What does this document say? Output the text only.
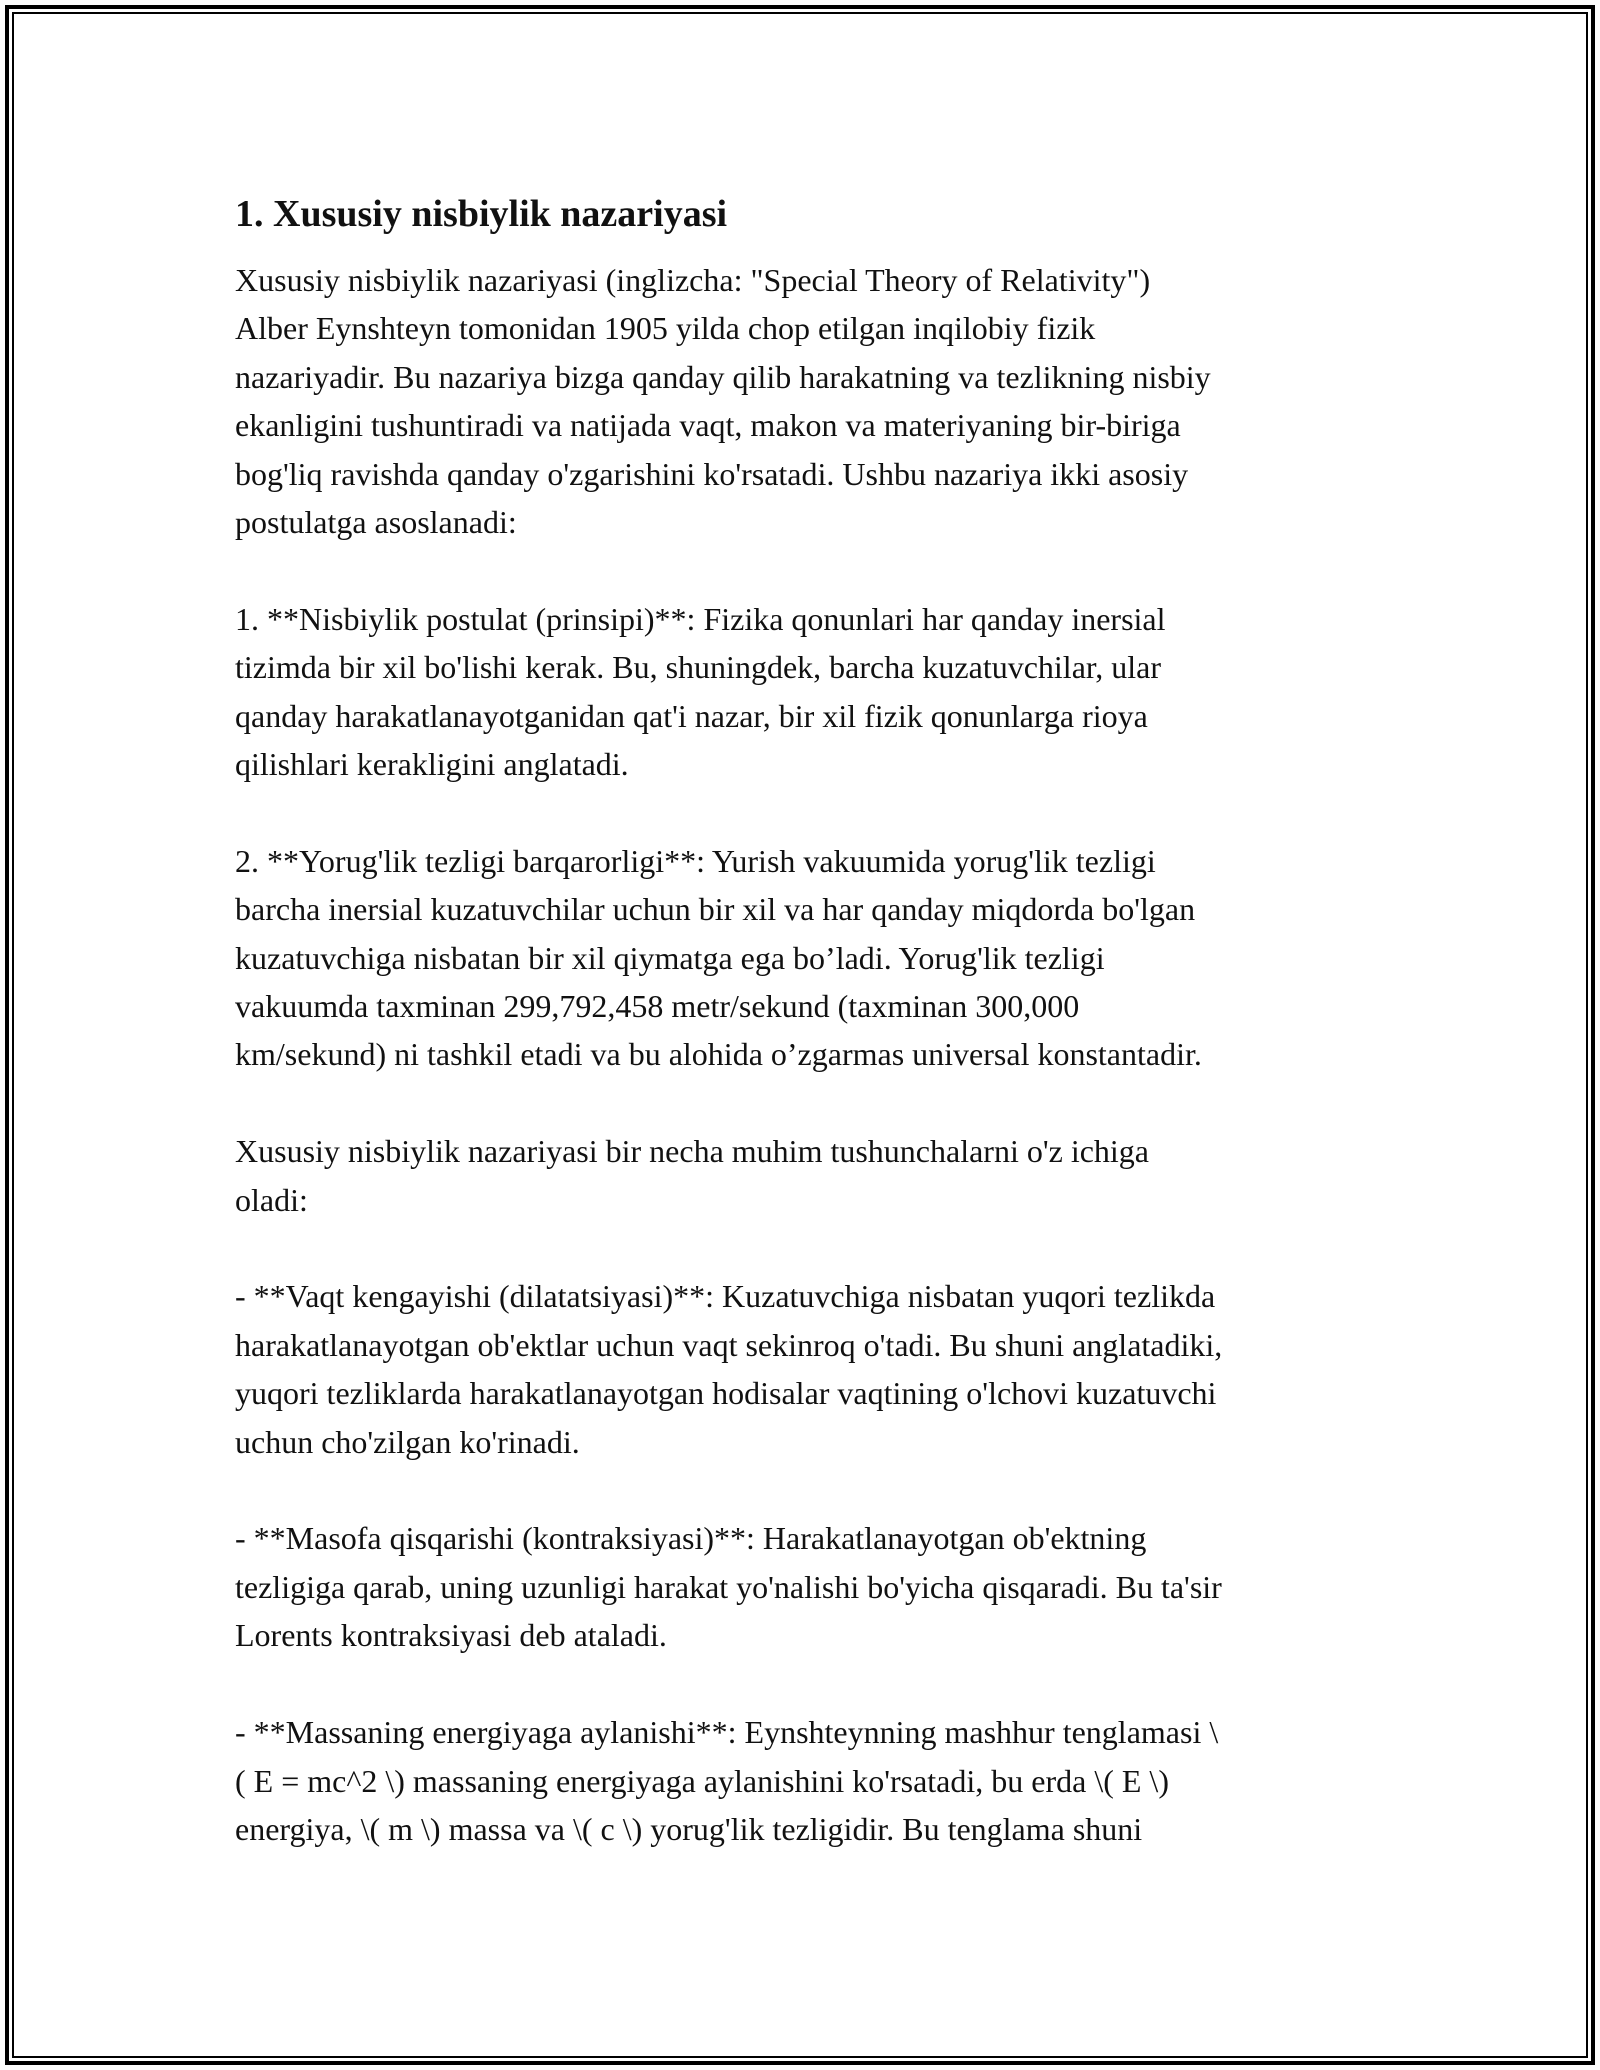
1. Xususiy nisbiylik nazariyasi
Xususiy nisbiylik nazariyasi (inglizcha: "Special Theory of Relativity")
Alber Eynshteyn tomonidan 1905 yilda chop etilgan inqilobiy fizik
nazariyadir. Bu nazariya bizga qanday qilib harakatning va tezlikning nisbiy
ekanligini tushuntiradi va natijada vaqt, makon va materiyaning bir-biriga
bog'liq ravishda qanday o'zgarishini ko'rsatadi. Ushbu nazariya ikki asosiy
postulatga asoslanadi:
1. **Nisbiylik postulat (prinsipi)**: Fizika qonunlari har qanday inersial
tizimda bir xil bo'lishi kerak. Bu, shuningdek, barcha kuzatuvchilar, ular
qanday harakatlanayotganidan qat'i nazar, bir xil fizik qonunlarga rioya
qilishlari kerakligini anglatadi.
2. **Yorug'lik tezligi barqarorligi**: Yurish vakuumida yorug'lik tezligi
barcha inersial kuzatuvchilar uchun bir xil va har qanday miqdorda bo'lgan
kuzatuvchiga nisbatan bir xil qiymatga ega bo’ladi. Yorug'lik tezligi
vakuumda taxminan 299,792,458 metr/sekund (taxminan 300,000
km/sekund) ni tashkil etadi va bu alohida o’zgarmas universal konstantadir.
Xususiy nisbiylik nazariyasi bir necha muhim tushunchalarni o'z ichiga
oladi:
- **Vaqt kengayishi (dilatatsiyasi)**: Kuzatuvchiga nisbatan yuqori tezlikda
harakatlanayotgan ob'ektlar uchun vaqt sekinroq o'tadi. Bu shuni anglatadiki,
yuqori tezliklarda harakatlanayotgan hodisalar vaqtining o'lchovi kuzatuvchi
uchun cho'zilgan ko'rinadi.
- **Masofa qisqarishi (kontraksiyasi)**: Harakatlanayotgan ob'ektning
tezligiga qarab, uning uzunligi harakat yo'nalishi bo'yicha qisqaradi. Bu ta'sir
Lorents kontraksiyasi deb ataladi.
- **Massaning energiyaga aylanishi**: Eynshteynning mashhur tenglamasi \
( E = mc^2 \) massaning energiyaga aylanishini ko'rsatadi, bu erda \( E \)
energiya, \( m \) massa va \( c \) yorug'lik tezligidir. Bu tenglama shuni
